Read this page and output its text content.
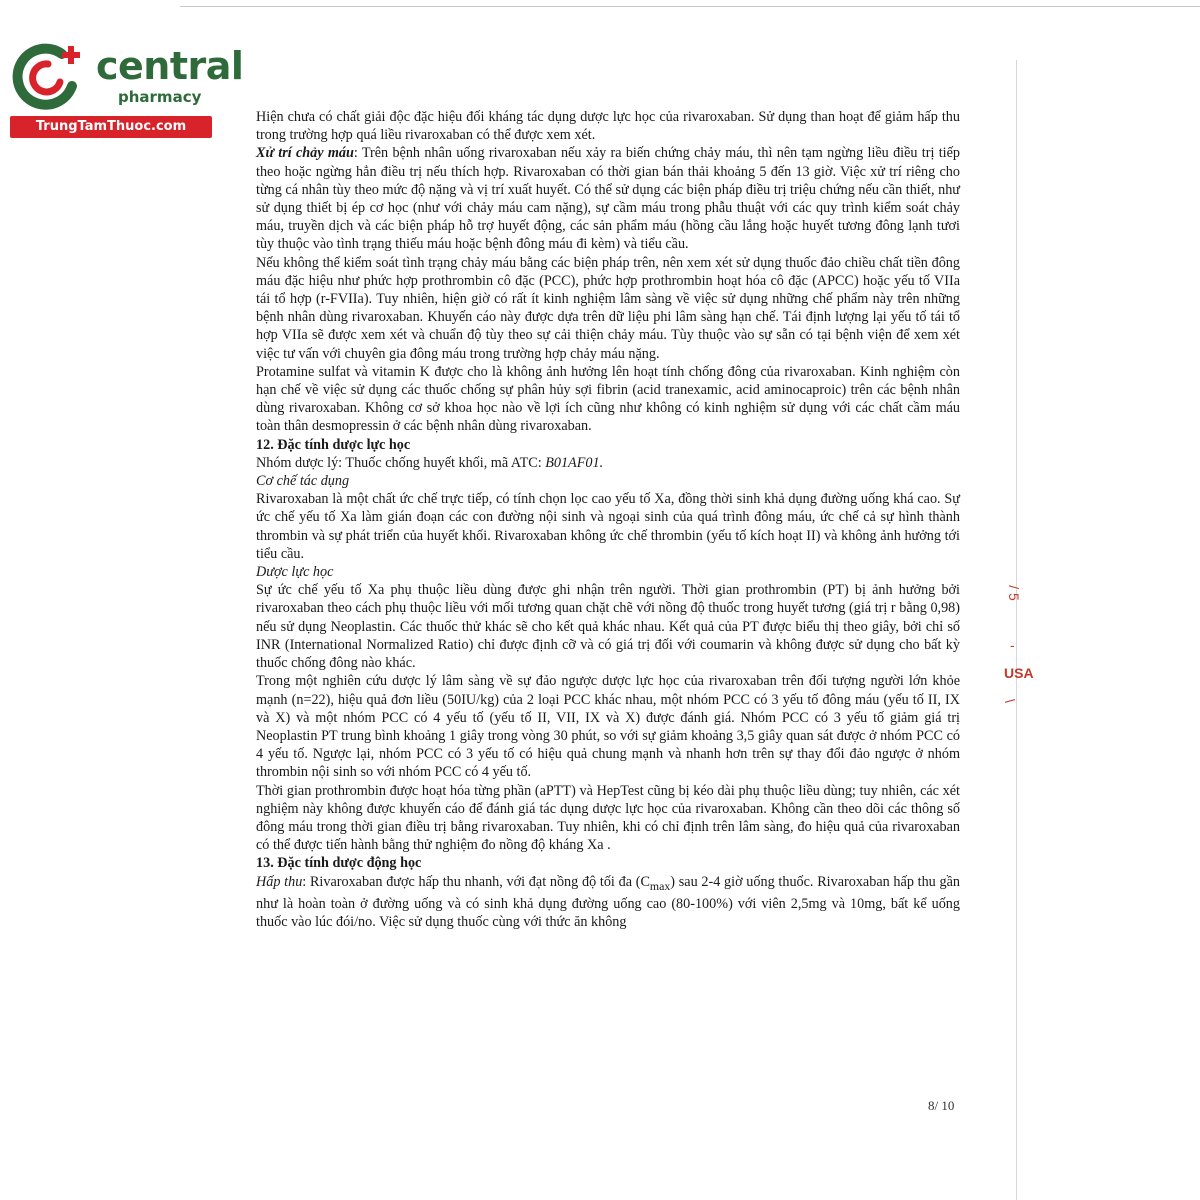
central
pharmacy
TrungTamThuoc.com
/ 5
-
USA
\

Hiện chưa có chất giải độc đặc hiệu đối kháng tác dụng dược lực học của rivaroxaban. Sử dụng than hoạt để giảm hấp thu trong trường hợp quá liều rivaroxaban có thể được xem xét.

Xử trí chảy máu: Trên bệnh nhân uống rivaroxaban nếu xảy ra biến chứng chảy máu, thì nên tạm ngừng liều điều trị tiếp theo hoặc ngừng hẳn điều trị nếu thích hợp. Rivaroxaban có thời gian bán thải khoảng 5 đến 13 giờ. Việc xử trí riêng cho từng cá nhân tùy theo mức độ nặng và vị trí xuất huyết. Có thể sử dụng các biện pháp điều trị triệu chứng nếu cần thiết, như sử dụng thiết bị ép cơ học (như với chảy máu cam nặng), sự cầm máu trong phẫu thuật với các quy trình kiểm soát chảy máu, truyền dịch và các biện pháp hỗ trợ huyết động, các sản phẩm máu (hồng cầu lắng hoặc huyết tương đông lạnh tươi tùy thuộc vào tình trạng thiếu máu hoặc bệnh đông máu đi kèm) và tiểu cầu.

Nếu không thể kiểm soát tình trạng chảy máu bằng các biện pháp trên, nên xem xét sử dụng thuốc đảo chiều chất tiền đông máu đặc hiệu như phức hợp prothrombin cô đặc (PCC), phức hợp prothrombin hoạt hóa cô đặc (APCC) hoặc yếu tố VIIa tái tổ hợp (r-FVIIa). Tuy nhiên, hiện giờ có rất ít kinh nghiệm lâm sàng về việc sử dụng những chế phẩm này trên những bệnh nhân dùng rivaroxaban. Khuyến cáo này được dựa trên dữ liệu phi lâm sàng hạn chế. Tái định lượng lại yếu tố tái tổ hợp VIIa sẽ được xem xét và chuẩn độ tùy theo sự cải thiện chảy máu. Tùy thuộc vào sự sẵn có tại bệnh viện để xem xét việc tư vấn với chuyên gia đông máu trong trường hợp chảy máu nặng.

Protamine sulfat và vitamin K được cho là không ảnh hưởng lên hoạt tính chống đông của rivaroxaban. Kinh nghiệm còn hạn chế về việc sử dụng các thuốc chống sự phân hủy sợi fibrin (acid tranexamic, acid aminocaproic) trên các bệnh nhân dùng rivaroxaban. Không cơ sở khoa học nào về lợi ích cũng như không có kinh nghiệm sử dụng với các chất cầm máu toàn thân desmopressin ở các bệnh nhân dùng rivaroxaban.

12. Đặc tính dược lực học

Nhóm dược lý: Thuốc chống huyết khối, mã ATC: B01AF01.

Cơ chế tác dụng

Rivaroxaban là một chất ức chế trực tiếp, có tính chọn lọc cao yếu tố Xa, đồng thời sinh khả dụng đường uống khá cao. Sự ức chế yếu tố Xa làm gián đoạn các con đường nội sinh và ngoại sinh của quá trình đông máu, ức chế cả sự hình thành thrombin và sự phát triển của huyết khối. Rivaroxaban không ức chế thrombin (yếu tố kích hoạt II) và không ảnh hưởng tới tiểu cầu.

Dược lực học

Sự ức chế yếu tố Xa phụ thuộc liều dùng được ghi nhận trên người. Thời gian prothrombin (PT) bị ảnh hưởng bởi rivaroxaban theo cách phụ thuộc liều với mối tương quan chặt chẽ với nồng độ thuốc trong huyết tương (giá trị r bằng 0,98) nếu sử dụng Neoplastin. Các thuốc thử khác sẽ cho kết quả khác nhau. Kết quả của PT được biểu thị theo giây, bởi chỉ số INR (International Normalized Ratio) chỉ được định cỡ và có giá trị đối với coumarin và không được sử dụng cho bất kỳ thuốc chống đông nào khác.

Trong một nghiên cứu dược lý lâm sàng về sự đảo ngược dược lực học của rivaroxaban trên đối tượng người lớn khỏe mạnh (n=22), hiệu quả đơn liều (50IU/kg) của 2 loại PCC khác nhau, một nhóm PCC có 3 yếu tố đông máu (yếu tố II, IX và X) và một nhóm PCC có 4 yếu tố (yếu tố II, VII, IX và X) được đánh giá. Nhóm PCC có 3 yếu tố giảm giá trị Neoplastin PT trung bình khoảng 1 giây trong vòng 30 phút, so với sự giảm khoảng 3,5 giây quan sát được ở nhóm PCC có 4 yếu tố. Ngược lại, nhóm PCC có 3 yếu tố có hiệu quả chung mạnh và nhanh hơn trên sự thay đổi đảo ngược ở nhóm thrombin nội sinh so với nhóm PCC có 4 yếu tố.

Thời gian prothrombin được hoạt hóa từng phần (aPTT) và HepTest cũng bị kéo dài phụ thuộc liều dùng; tuy nhiên, các xét nghiệm này không được khuyến cáo để đánh giá tác dụng dược lực học của rivaroxaban. Không cần theo dõi các thông số đông máu trong thời gian điều trị bằng rivaroxaban. Tuy nhiên, khi có chỉ định trên lâm sàng, đo hiệu quả của rivaroxaban có thể được tiến hành bằng thử nghiệm đo nồng độ kháng Xa .

13. Đặc tính dược động học

Hấp thu: Rivaroxaban được hấp thu nhanh, với đạt nồng độ tối đa $(C_{max})$ sau 2-4 giờ uống thuốc. Rivaroxaban hấp thu gần như là hoàn toàn ở đường uống và có sinh khả dụng đường uống cao (80-100%) với viên 2,5mg và 10mg, bất kể uống thuốc vào lúc đói/no. Việc sử dụng thuốc cùng với thức ăn không

8/ 10
